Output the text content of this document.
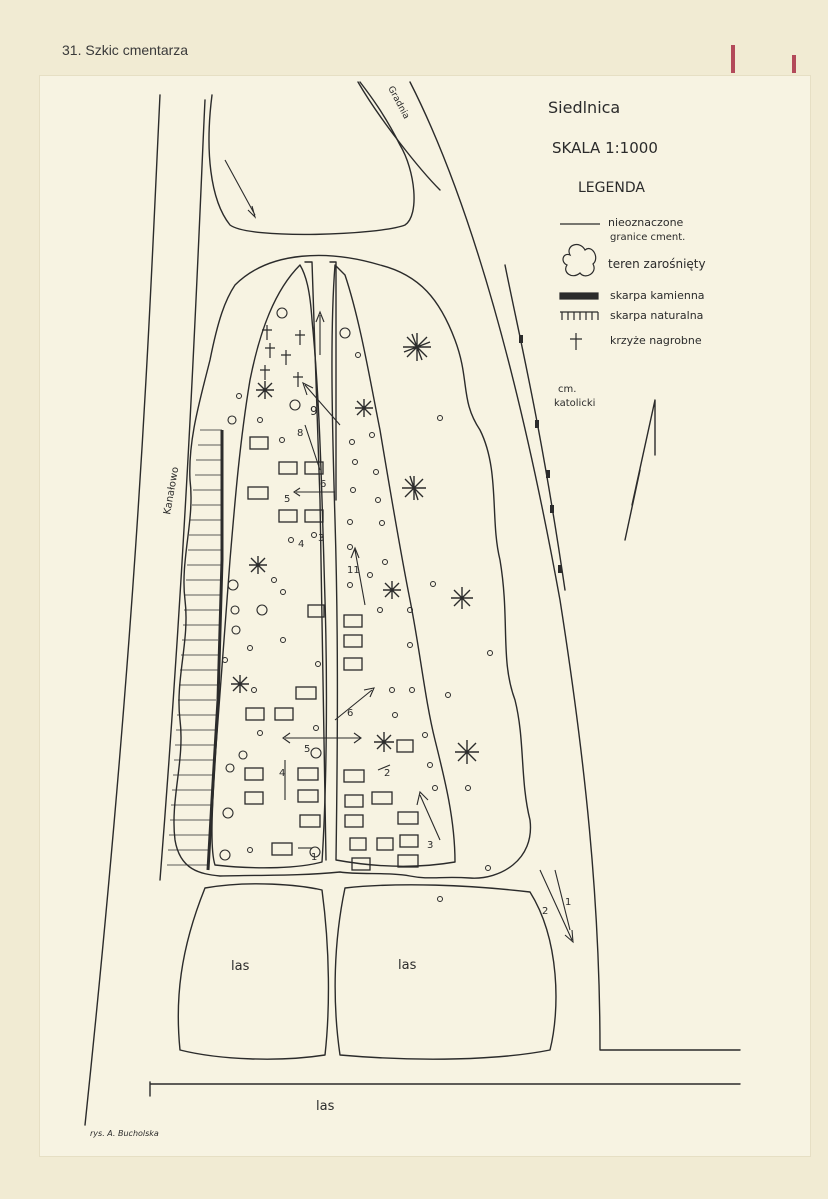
31. Szkic cmentarza
Siedlnica
SKALA 1:1000
LEGENDA
nieoznaczone
granice cment.
teren zarośnięty
skarpa kamienna
skarpa naturalna
krzyże nagrobne
cm.
katolicki
Kanałowo
Gradnia
las	las
las
1
2
3
4
5
6
9
8
11
2
3
4
5
6
1
rys. A. Bucholska
